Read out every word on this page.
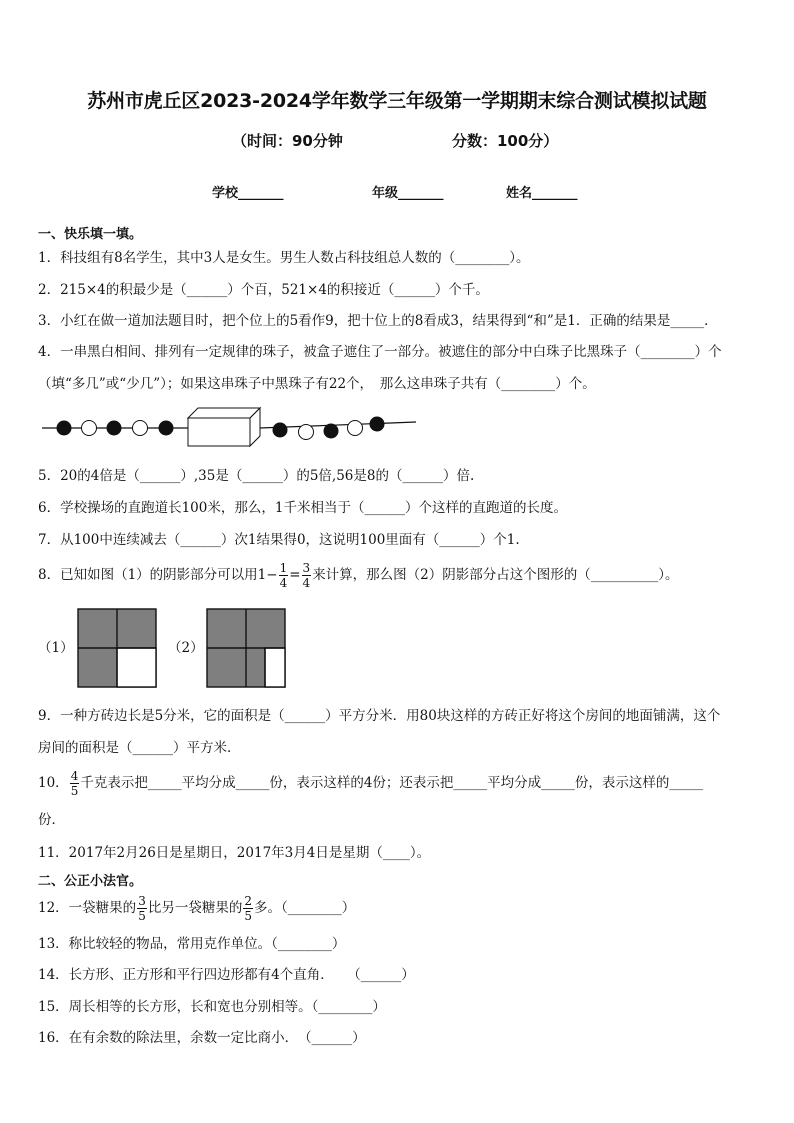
苏州市虎丘区2023-2024学年数学三年级第一学期期末综合测试模拟试题
（时间：90分钟	分数：100分）
学校_______	年级_______	姓名_______
一、快乐填一填。
1．科技组有8名学生，其中3人是女生。男生人数占科技组总人数的（________）。
2．215×4的积最少是（______）个百，521×4的积接近（______）个千。
3．小红在做一道加法题目时，把个位上的5看作9，把十位上的8看成3，结果得到“和”是1．正确的结果是_____．
4．一串黑白相间、排列有一定规律的珠子，被盒子遮住了一部分。被遮住的部分中白珠子比黑珠子（________）个
（填“多几”或“少几”）；如果这串珠子中黑珠子有22个，　那么这串珠子共有（________）个。
5．20的4倍是（______）,35是（______）的5倍,56是8的（______）倍.
6．学校操场的直跑道长100米，那么，1千米相当于（______）个这样的直跑道的长度。
7．从100中连续减去（______）次1结果得0，这说明100里面有（______）个1.
8．已知如图（1）的阴影部分可以用$1- \frac{1}{4} = \frac{3}{4}$ 来计算，那么图（2）阴影部分占这个图形的（__________）。
（1）	（2）
9．一种方砖边长是5分米，它的面积是（______）平方分米．用80块这样的方砖正好将这个房间的地面铺满，这个
房间的面积是（______）平方米．
10． $\frac{4}{5}$ 千克表示把_____平均分成_____份，表示这样的4份；还表示把_____平均分成_____份，表示这样的_____
份．
11．2017年2月26日是星期日，2017年3月4日是星期（____）。
二、公正小法官。
12．一袋糖果的 $\frac{3}{5}$ 比另一袋糖果的 $\frac{2}{5}$ 多。（________）
13．称比较轻的物品，常用克作单位。（________）
14．长方形、正方形和平行四边形都有4个直角．　　（______）
15．周长相等的长方形，长和宽也分别相等。（________）
16．在有余数的除法里，余数一定比商小．　（______）
